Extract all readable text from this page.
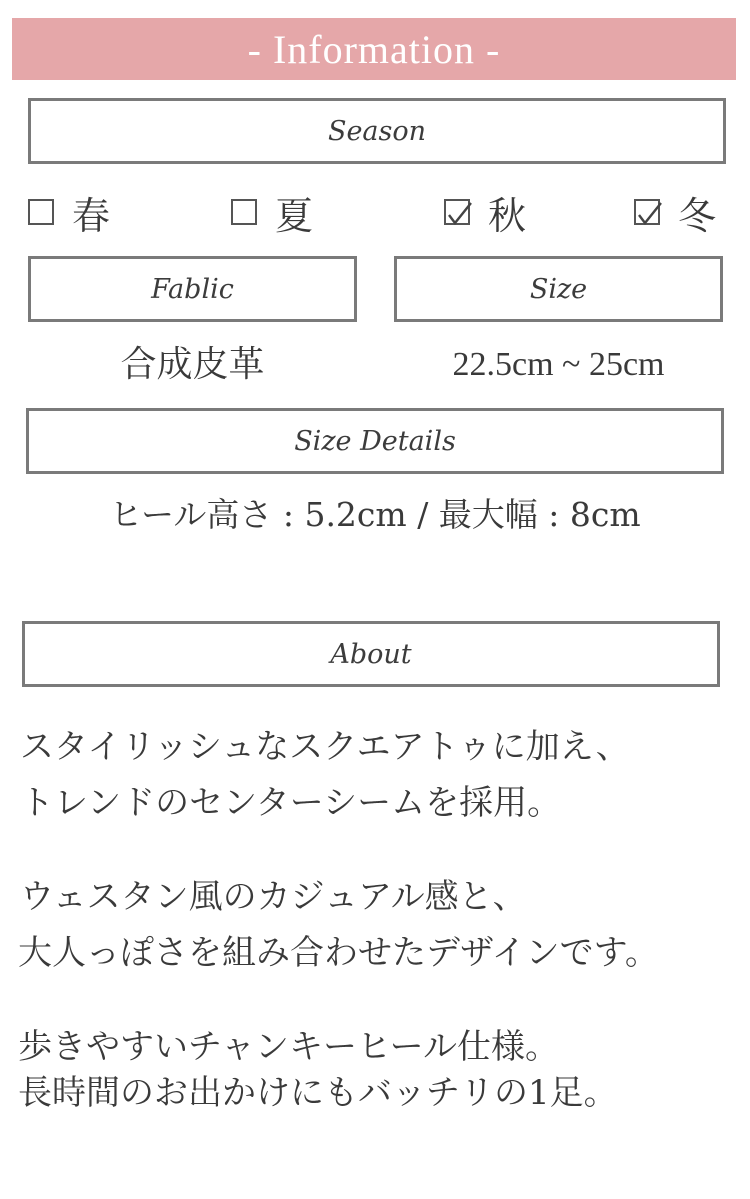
- Information -
Season
春	夏	秋	冬
Fablic	Size
合成皮革	22.5cm ~ 25cm
Size Details
ヒール高さ : 5.2cm / 最大幅 : 8cm
About
スタイリッシュなスクエアトゥに加え、
トレンドのセンターシームを採用。
ウェスタン風のカジュアル感と、
大人っぽさを組み合わせたデザインです。
歩きやすいチャンキーヒール仕様。
長時間のお出かけにもバッチリの1足。
